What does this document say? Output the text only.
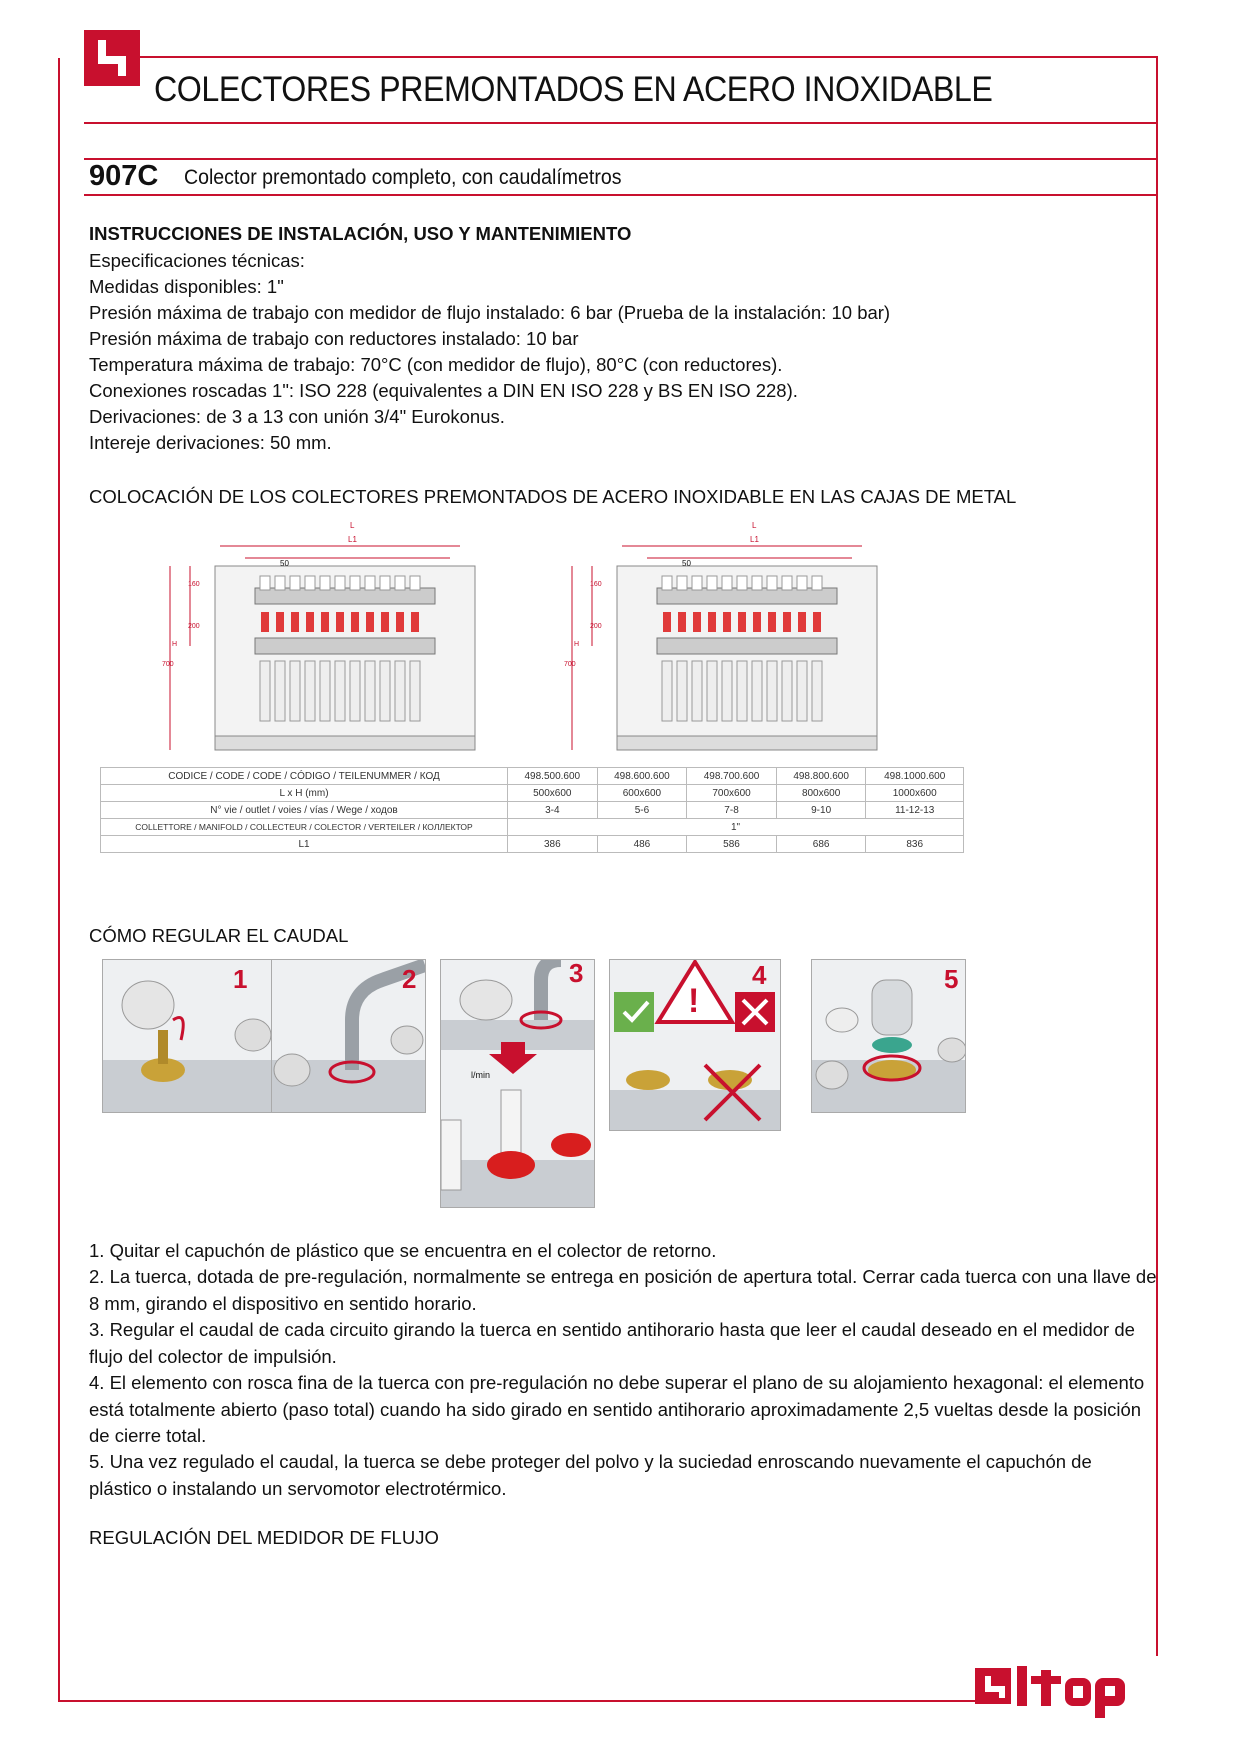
COLECTORES PREMONTADOS EN ACERO INOXIDABLE
907C Colector premontado completo, con caudalímetros
INSTRUCCIONES DE INSTALACIÓN, USO Y MANTENIMIENTO
Especificaciones técnicas:
Medidas disponibles: 1"
Presión máxima de trabajo con medidor de flujo instalado: 6 bar (Prueba de la instalación: 10 bar)
Presión máxima de trabajo con reductores instalado: 10 bar
Temperatura máxima de trabajo: 70°C (con medidor de flujo), 80°C (con reductores).
Conexiones roscadas 1": ISO 228 (equivalentes a DIN EN ISO 228 y BS EN ISO 228).
Derivaciones: de 3 a 13 con unión 3/4" Eurokonus.
Intereje derivaciones: 50 mm.
COLOCACIÓN DE LOS COLECTORES PREMONTADOS DE ACERO INOXIDABLE EN LAS CAJAS DE METAL
L
L1
160
200
700
H
50
L
L1
160
200
700
H
50
CODICE / CODE / CODE / CÓDIGO / TEILENUMMER / КОД	498.500.600	498.600.600	498.700.600	498.800.600	498.1000.600
L x H (mm)	500x600	600x600	700x600	800x600	1000x600
N° vie / outlet / voies / vías / Wege / ходов	3-4	5-6	7-8	9-10	11-12-13
COLLETTORE / MANIFOLD / COLLECTEUR / COLECTOR / VERTEILER / КОЛЛЕКТОР	1"				
L1	386	486	586	686	836
CÓMO REGULAR EL CAUDAL
1	2	3
l/min
!
4	5
1. Quitar el capuchón de plástico que se encuentra en el colector de retorno.
2. La tuerca, dotada de pre-regulación, normalmente se entrega en posición de apertura total. Cerrar cada tuerca con una llave de 8 mm, girando el dispositivo en sentido horario.
3. Regular el caudal de cada circuito girando la tuerca en sentido antihorario hasta que leer el caudal deseado en el medidor de flujo del colector de impulsión.
4. El elemento con rosca fina de la tuerca con pre-regulación no debe superar el plano de su alojamiento hexagonal: el elemento está totalmente abierto (paso total) cuando ha sido girado en sentido antihorario aproximadamente 2,5 vueltas desde la posición de cierre total.
5. Una vez regulado el caudal, la tuerca se debe proteger del polvo y la suciedad enroscando nuevamente el capuchón de plástico o instalando un servomotor electrotérmico.
REGULACIÓN DEL MEDIDOR DE FLUJO
